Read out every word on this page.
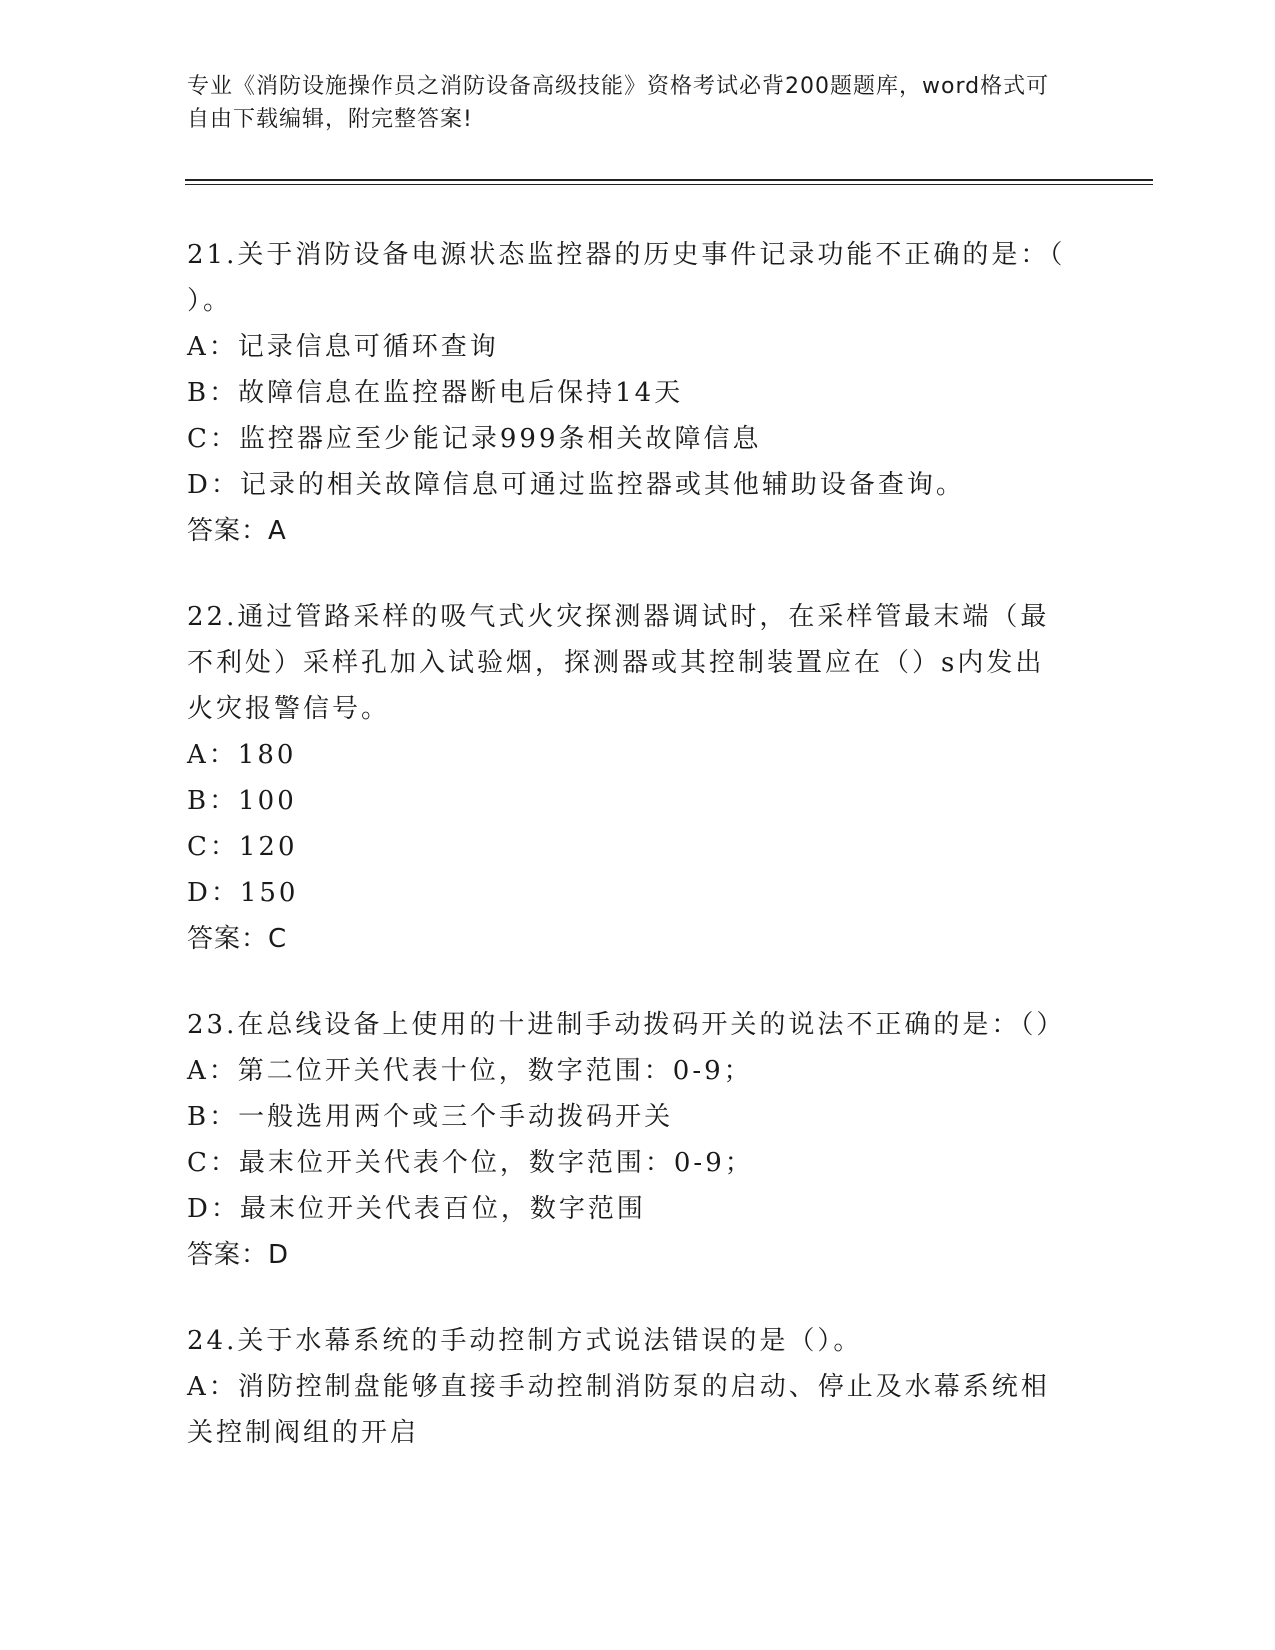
专业《消防设施操作员之消防设备高级技能》资格考试必背200题题库，word格式可自由下载编辑，附完整答案!
21.关于消防设备电源状态监控器的历史事件记录功能不正确的是：（ ）。
A：记录信息可循环查询
B：故障信息在监控器断电后保持14天
C：监控器应至少能记录999条相关故障信息
D：记录的相关故障信息可通过监控器或其他辅助设备查询。
答案：A
22.通过管路采样的吸气式火灾探测器调试时，在采样管最末端（最不利处）采样孔加入试验烟，探测器或其控制装置应在（）s内发出火灾报警信号。
A：180
B：100
C：120
D：150
答案：C
23.在总线设备上使用的十进制手动拨码开关的说法不正确的是：（）
A：第二位开关代表十位，数字范围：0-9；
B：一般选用两个或三个手动拨码开关
C：最末位开关代表个位，数字范围：0-9；
D：最末位开关代表百位，数字范围
答案：D
24.关于水幕系统的手动控制方式说法错误的是（）。
A：消防控制盘能够直接手动控制消防泵的启动、停止及水幕系统相关控制阀组的开启
